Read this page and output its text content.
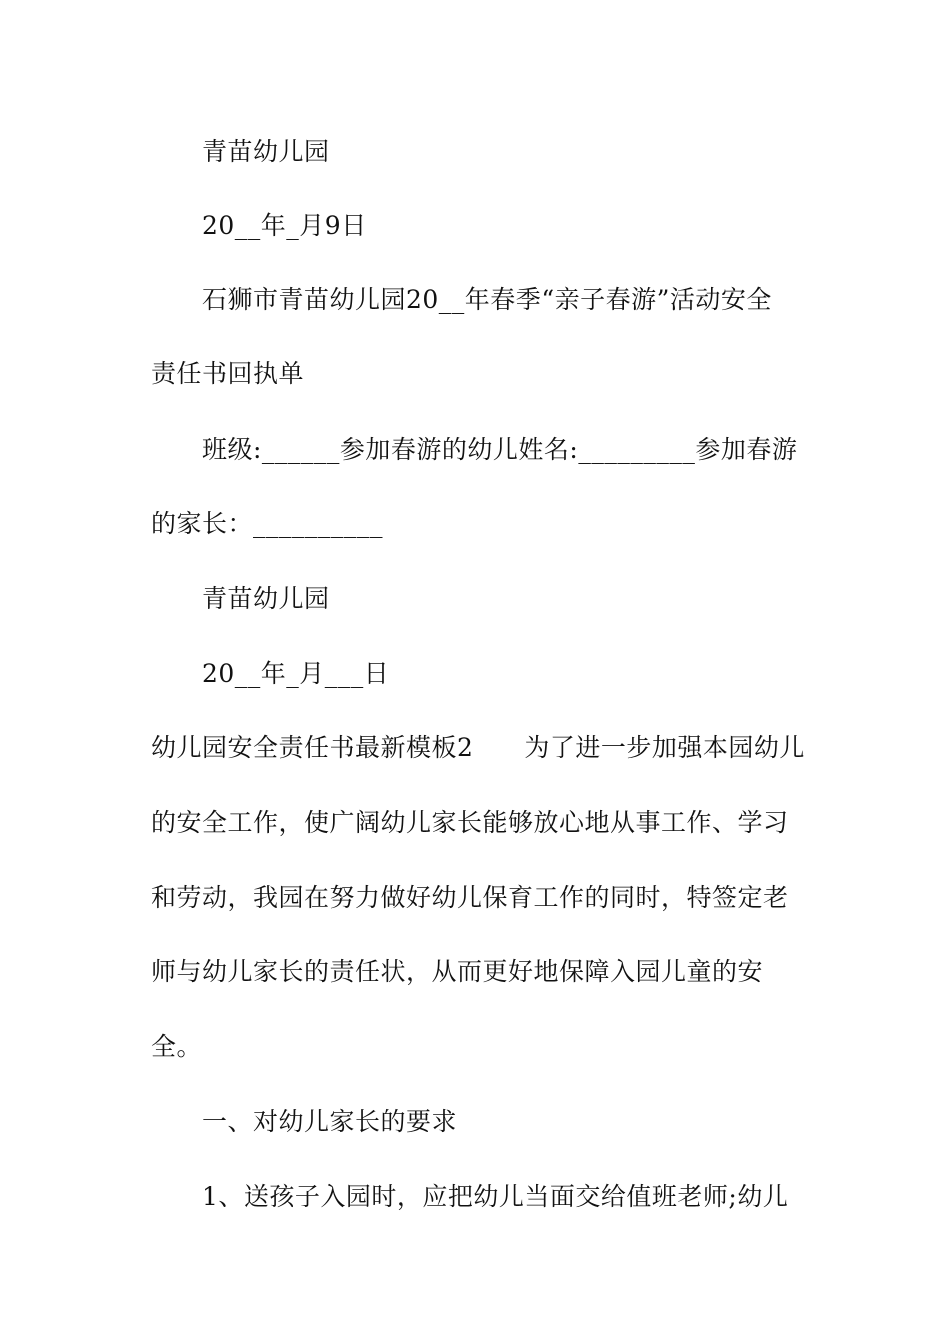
青苗幼儿园
20__年_月9日
石狮市青苗幼儿园20__年春季“亲子春游”活动安全
责任书回执单
班级:______参加春游的幼儿姓名:_________参加春游
的家长：__________
青苗幼儿园
20__年_月___日
幼儿园安全责任书最新模板2　　为了进一步加强本园幼儿
的安全工作，使广阔幼儿家长能够放心地从事工作、学习
和劳动，我园在努力做好幼儿保育工作的同时，特签定老
师与幼儿家长的责任状，从而更好地保障入园儿童的安
全。
一、对幼儿家长的要求
1、送孩子入园时，应把幼儿当面交给值班老师;幼儿
